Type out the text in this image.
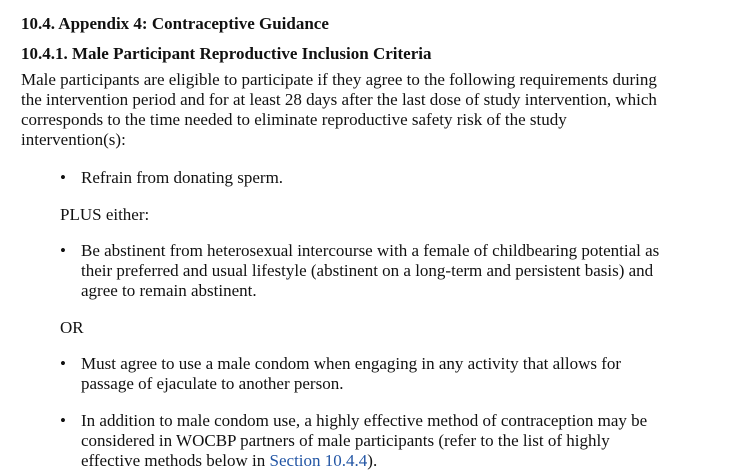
10.4. Appendix 4: Contraceptive Guidance
10.4.1. Male Participant Reproductive Inclusion Criteria
Male participants are eligible to participate if they agree to the following requirements during
the intervention period and for at least 28 days after the last dose of study intervention, which
corresponds to the time needed to eliminate reproductive safety risk of the study
intervention(s):
• Refrain from donating sperm.
PLUS either:
• Be abstinent from heterosexual intercourse with a female of childbearing potential as
their preferred and usual lifestyle (abstinent on a long-term and persistent basis) and
agree to remain abstinent.
OR
• Must agree to use a male condom when engaging in any activity that allows for
passage of ejaculate to another person.
• In addition to male condom use, a highly effective method of contraception may be
considered in WOCBP partners of male participants (refer to the list of highly
effective methods below in Section 10.4.4).
